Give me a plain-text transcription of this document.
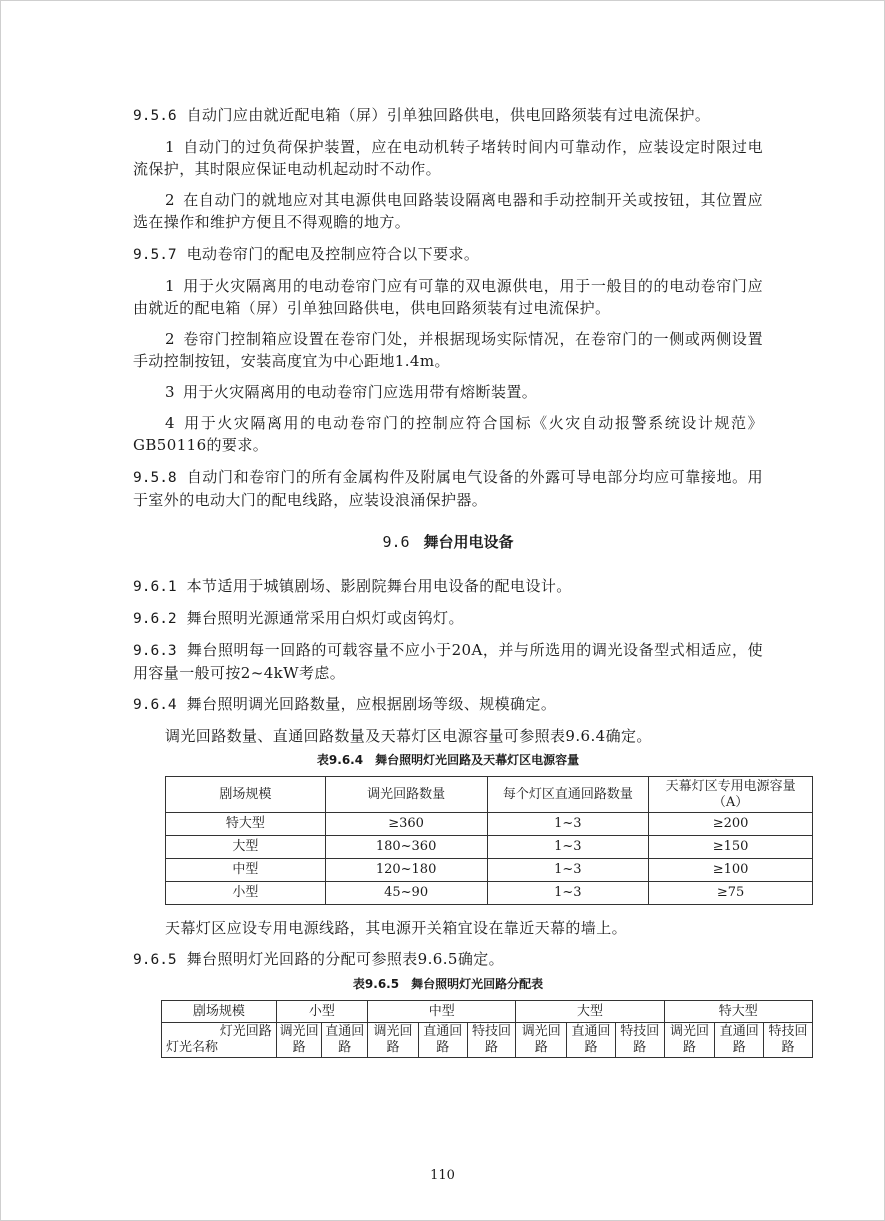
9.5.6 自动门应由就近配电箱（屏）引单独回路供电，供电回路须装有过电流保护。

1 自动门的过负荷保护装置，应在电动机转子堵转时间内可靠动作，应装设定时限过电流保护，其时限应保证电动机起动时不动作。

2 在自动门的就地应对其电源供电回路装设隔离电器和手动控制开关或按钮，其位置应选在操作和维护方便且不得观瞻的地方。

9.5.7 电动卷帘门的配电及控制应符合以下要求。

1 用于火灾隔离用的电动卷帘门应有可靠的双电源供电，用于一般目的的电动卷帘门应由就近的配电箱（屏）引单独回路供电，供电回路须装有过电流保护。

2 卷帘门控制箱应设置在卷帘门处，并根据现场实际情况，在卷帘门的一侧或两侧设置手动控制按钮，安装高度宜为中心距地1.4m。

3 用于火灾隔离用的电动卷帘门应选用带有熔断装置。

4 用于火灾隔离用的电动卷帘门的控制应符合国标《火灾自动报警系统设计规范》GB50116的要求。

9.5.8 自动门和卷帘门的所有金属构件及附属电气设备的外露可导电部分均应可靠接地。用于室外的电动大门的配电线路，应装设浪涌保护器。

9.6 舞台用电设备

9.6.1 本节适用于城镇剧场、影剧院舞台用电设备的配电设计。

9.6.2 舞台照明光源通常采用白炽灯或卤钨灯。

9.6.3 舞台照明每一回路的可载容量不应小于20A，并与所选用的调光设备型式相适应，使用容量一般可按2~4kW考虑。

9.6.4 舞台照明调光回路数量，应根据剧场等级、规模确定。

调光回路数量、直通回路数量及天幕灯区电源容量可参照表9.6.4确定。

表9.6.4　舞台照明灯光回路及天幕灯区电源容量
剧场规模	调光回路数量	每个灯区直通回路数量	天幕灯区专用电源容量（A）
特大型	≥360	1~3	≥200
大型	180~360	1~3	≥150
中型	120~180	1~3	≥100
小型	45~90	1~3	≥75

天幕灯区应设专用电源线路，其电源开关箱宜设在靠近天幕的墙上。

9.6.5 舞台照明灯光回路的分配可参照表9.6.5确定。

表9.6.5　舞台照明灯光回路分配表
剧场规模	小型		中型			大型			特大型		

灯光回路
灯光名称	调光回路	直通回路	调光回路	直通回路	特技回路	调光回路	直通回路	特技回路	调光回路	直通回路	特技回路
110
